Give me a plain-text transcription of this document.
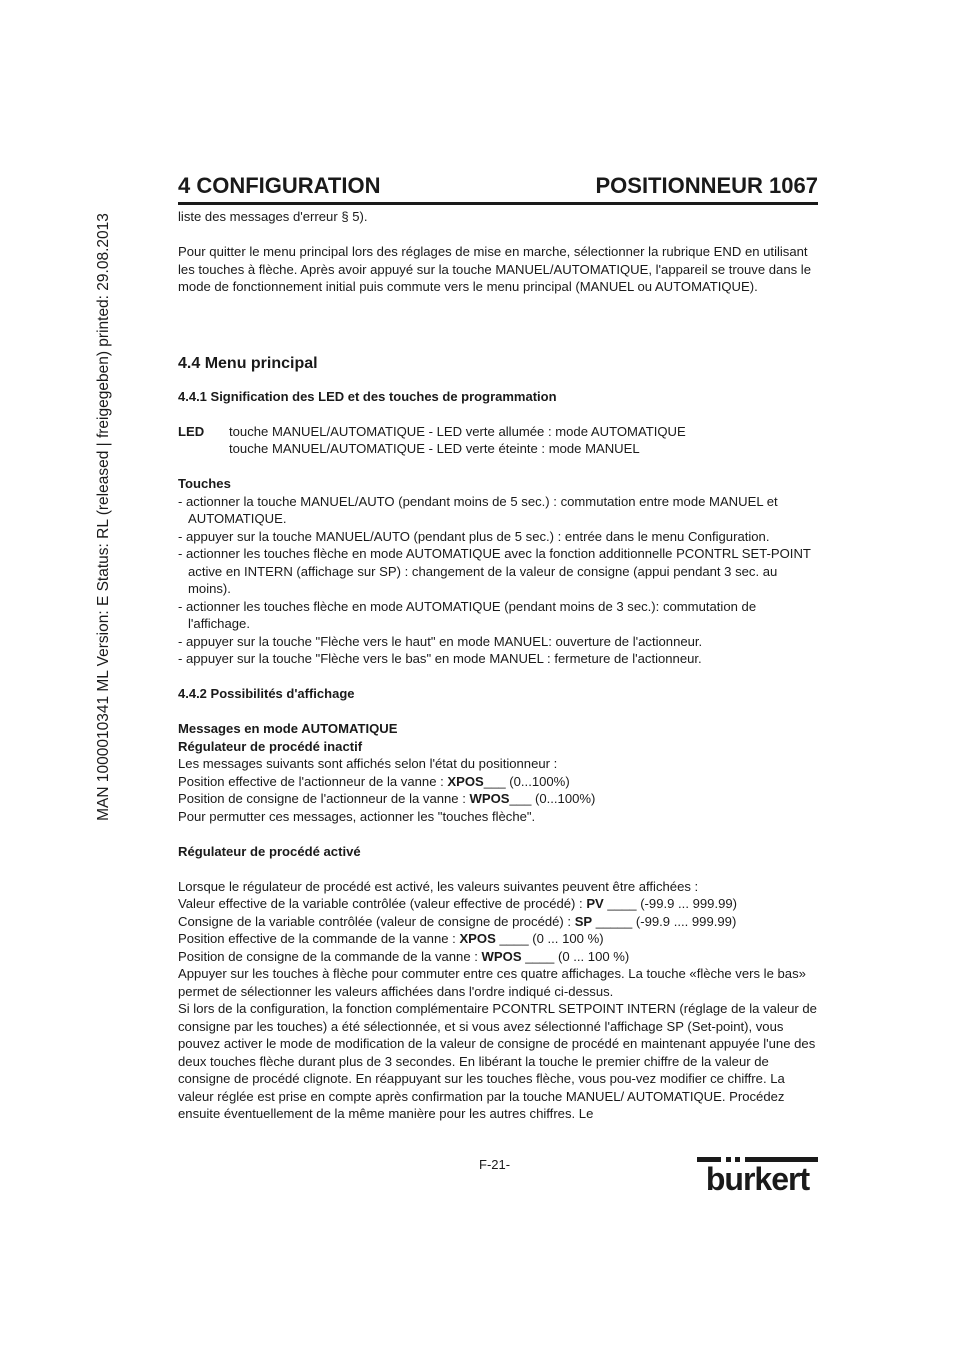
MAN 1000010341 ML Version: E Status: RL (released | freigegeben) printed: 29.08.2013
4 CONFIGURATION	POSITIONNEUR 1067

liste des messages d'erreur § 5).

Pour quitter le menu principal lors des réglages de mise en marche, sélectionner la rubrique END en utilisant les touches à flèche. Après avoir appuyé sur la touche MANUEL/AUTOMATIQUE, l'appareil se trouve dans le mode de fonctionnement initial puis commute vers le menu principal (MANUEL ou AUTOMATIQUE).

4.4 Menu principal

4.4.1 Signification des LED et des touches de programmation

LED	touche MANUEL/AUTOMATIQUE - LED verte allumée : mode AUTOMATIQUE

touche MANUEL/AUTOMATIQUE - LED verte éteinte : mode MANUEL

Touches

- actionner la touche MANUEL/AUTO (pendant moins de 5 sec.) : commutation entre mode MANUEL et AUTOMATIQUE.

- appuyer sur la touche MANUEL/AUTO (pendant plus de 5 sec.) : entrée dans le menu Configuration.

- actionner les touches flèche en mode AUTOMATIQUE avec la fonction additionnelle PCONTRL SET-POINT active en INTERN (affichage sur SP) : changement de la valeur de consigne (appui pendant 3 sec. au moins).

- actionner les touches flèche en mode AUTOMATIQUE (pendant moins de 3 sec.): commutation de l'affichage.

- appuyer sur la touche "Flèche vers le haut" en mode MANUEL: ouverture de l'actionneur.

- appuyer sur la touche "Flèche vers le bas" en mode MANUEL : fermeture de l'actionneur.

4.4.2 Possibilités d'affichage

Messages en mode AUTOMATIQUE

Régulateur de procédé inactif

Les messages suivants sont affichés selon l'état du positionneur :

Position effective de l'actionneur de la vanne : XPOS___ (0...100%)

Position de consigne de l'actionneur de la vanne : WPOS___ (0...100%)

Pour permutter ces messages, actionner les "touches flèche".

Régulateur de procédé activé

Lorsque le régulateur de procédé est activé, les valeurs suivantes peuvent être affichées :

Valeur effective de la variable contrôlée (valeur effective de procédé) : PV ____ (-99.9 ... 999.99)

Consigne de la variable contrôlée (valeur de consigne de procédé) : SP _____ (-99.9 .... 999.99)

Position effective de la commande de la vanne : XPOS ____ (0 ... 100 %)

Position de consigne de la commande de la vanne : WPOS ____ (0 ... 100 %)

Appuyer sur les touches à flèche pour commuter entre ces quatre affichages. La touche «flèche vers le bas» permet de sélectionner les valeurs affichées dans l'ordre indiqué ci-dessus.

Si lors de la configuration, la fonction complémentaire PCONTRL SETPOINT INTERN (réglage de la valeur de consigne par les touches) a été sélectionnée, et si vous avez sélectionné l'affichage SP (Set-point), vous pouvez activer le mode de modification de la valeur de consigne de procédé en maintenant appuyée l'une des deux touches flèche durant plus de 3 secondes. En libérant la touche le premier chiffre de la valeur de consigne de procédé clignote. En réappuyant sur les touches flèche, vous pou-vez modifier ce chiffre. La valeur réglée est prise en compte après confirmation par la touche MANUEL/ AUTOMATIQUE. Procédez ensuite éventuellement de la même manière pour les autres chiffres. Le

F-21-	burkert
